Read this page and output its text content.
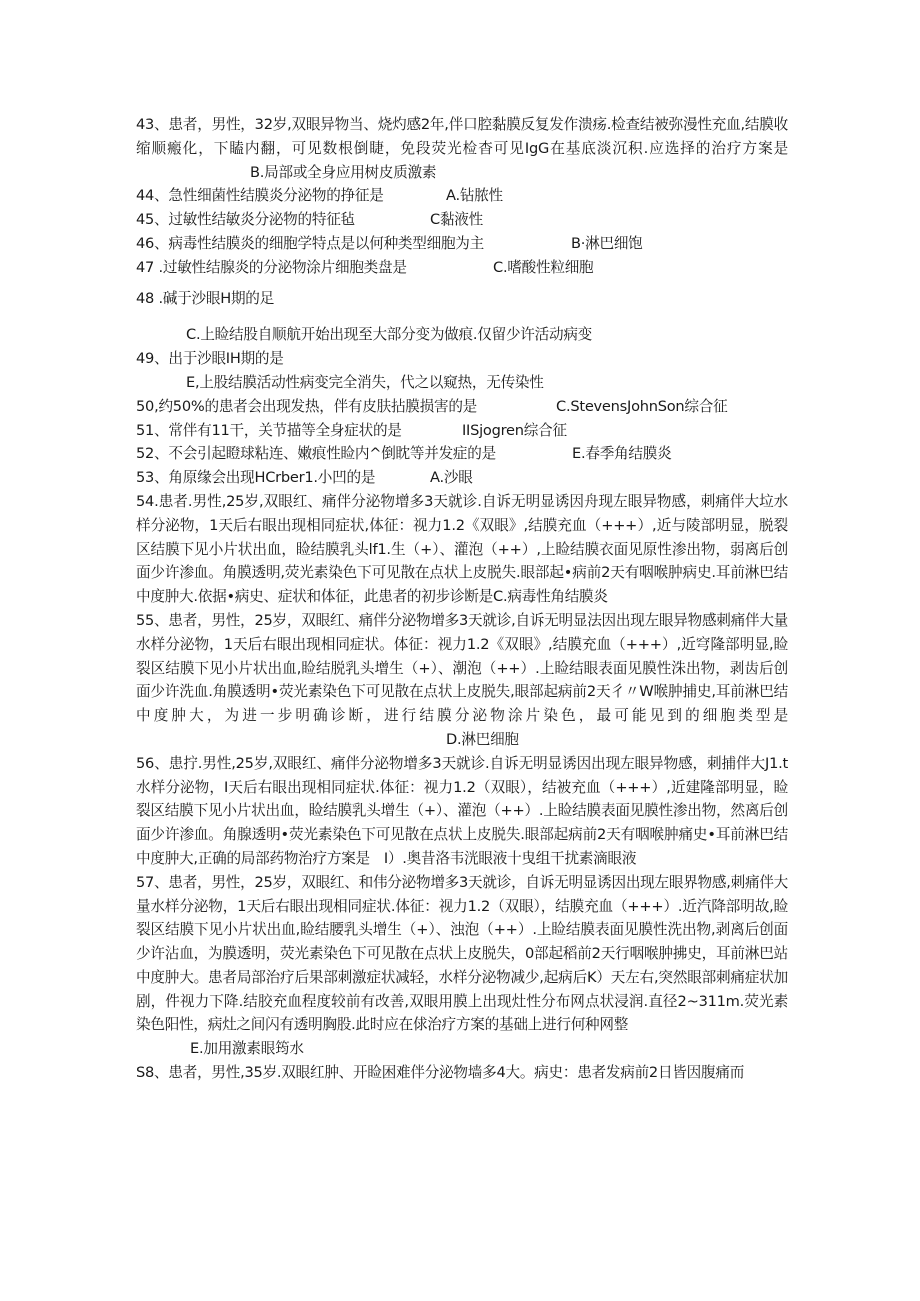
43、患者，男性，32岁,双眼异物当、烧灼感2年,伴口腔黏膜反复发作溃疡.检查结被弥漫性充血,结膜收缩顺瘢化，下瞌内翻，可见数根倒睫，免段荧光检杳可见IgG在基底淡沉积.应选择的治疗方案是B.局部或全身应用树皮质激素

44、急性细菌性结膜炎分泌物的挣征是	A.钻脓性
45、过敏性结敏炎分泌物的特征毡	C黏液性
46、病毒性结膜炎的细胞学特点是以何种类型细胞为主	B·淋巴细饱
47 .过敏性结腺炎的分泌物涂片细胞类盘是	C.嗜酸性粒细胞
48 .碱于沙眼H期的足
C.上睑结股自顺航开始出现至大部分变为做痕.仅留少许活动病变
49、出于沙眼IH期的是
E,上股结膜活动性病变完全消失，代之以窥热，无传染性
50,约50%的患者会出现发热，伴有皮肤拈膜损害的是	C.StevensJohnSon综合征
51、常伴有11干，关节描等全身症状的是	IISjogren综合征
52、不会引起瞪球粘连、嫩痕性睑内^倒眈等并发症的是	E.春季角结膜炎
53、角原缘会出现HCrber1.小凹的是	A.沙眼

54.患者.男性,25岁,双眼红、痛伴分泌物增多3天就诊.自诉无明显诱因舟现左眼异物感，刺痛伴大垃水样分泌物，1天后右眼出现相同症状,体征：视力1.2《双眼》,结膜充血（+++）,近与陵部明显，脱裂区结膜下见小片状出血，睑结膜乳头lf1.生（+）、灌泡（++）,上睑结膜衣面见原性渗出物，弱离后创面少许渗血。角膜透明,荧光素染色下可见散在点状上皮脱失.眼部起•病前2天有咽喉肿病史.耳前淋巴结中度肿大.依据•病史、症状和体征，此患者的初步诊断是C.病毒性角结膜炎

55、患者，男性，25岁，双眼红、痛伴分泌物增多3天就诊,自诉无明显法因出现左眼异物感刺痛伴大量水样分泌物，1天后右眼出现相同症状。体征：视力1.2《双眼》,结膜充血（+++）,近穹隆部明显,睑裂区结膜下见小片状出血,睑结脱乳头增生（+）、潮泡（++）.上睑结眼表面见膜性洙出物，剥齿后创面少许洗血.角膜透明•荧光素染色下可见散在点状上皮脱失,眼部起病前2天彳〃W喉肿捕史,耳前淋巴结中度肿大，为进一步明确诊断，进行结膜分泌物涂片染色，最可能见到的细胞类型是D.淋巴细胞

56、患拧.男性,25岁,双眼红、痛伴分泌物增多3天就诊.自诉无明显诱因出现左眼异物感，刺捕伴大J1.t水样分泌物，I天后右眼出现相同症状.体征：视力1.2（双眼），结被充血（+++）,近建隆部明显，睑裂区结膜下见小片状出血，睑结膜乳头增生（+）、灌泡（++）.上睑结膜表面见膜性渗出物，然离后创面少许渗血。角腺透明•荧光素染色下可见散在点状上皮脱失.眼部起病前2天有咽喉肿痛史•耳前淋巴结中度肿大,正确的局部药物治疗方案是 I）.奥昔洛韦洸眼液十曳组干扰素滴眼液

57、患者，男性，25岁，双眼红、和伟分泌物增多3天就诊，自诉无明显诱因出现左眼界物感,刺痛伴大量水样分泌物，1天后右眼出现相同症状.体征：视力1.2（双眼），结膜充血（+++）.近汽降部明故,睑裂区结膜下见小片状出血,睑结腰乳头增生（+）、浊泡（++）.上睑结膜表面见膜性洗出物,剥离后创面少许沾血，为膜透明，荧光素染色下可见散在点状上皮脱失，0部起稻前2天行咽喉肿拂史，耳前淋巴站中度肿大。患者局部治疗后果部刺激症状减轻，水样分泌物减少,起病后K）天左右,突然眼部刺痛症状加剧，件视力下降.结胶充血程度较前有改善,双眼用膜上出现灶性分布网点状浸润.直径2~311m.荧光素染色阳性，病灶之间闪有透明胸股.此时应在俅治疗方案的基础上进行何种网整

E.加用激素眼筠水

S8、患者，男性,35岁.双眼红肿、开睑困难伴分泌物墙多4大。病史：患者发病前2日皆因腹痛而
